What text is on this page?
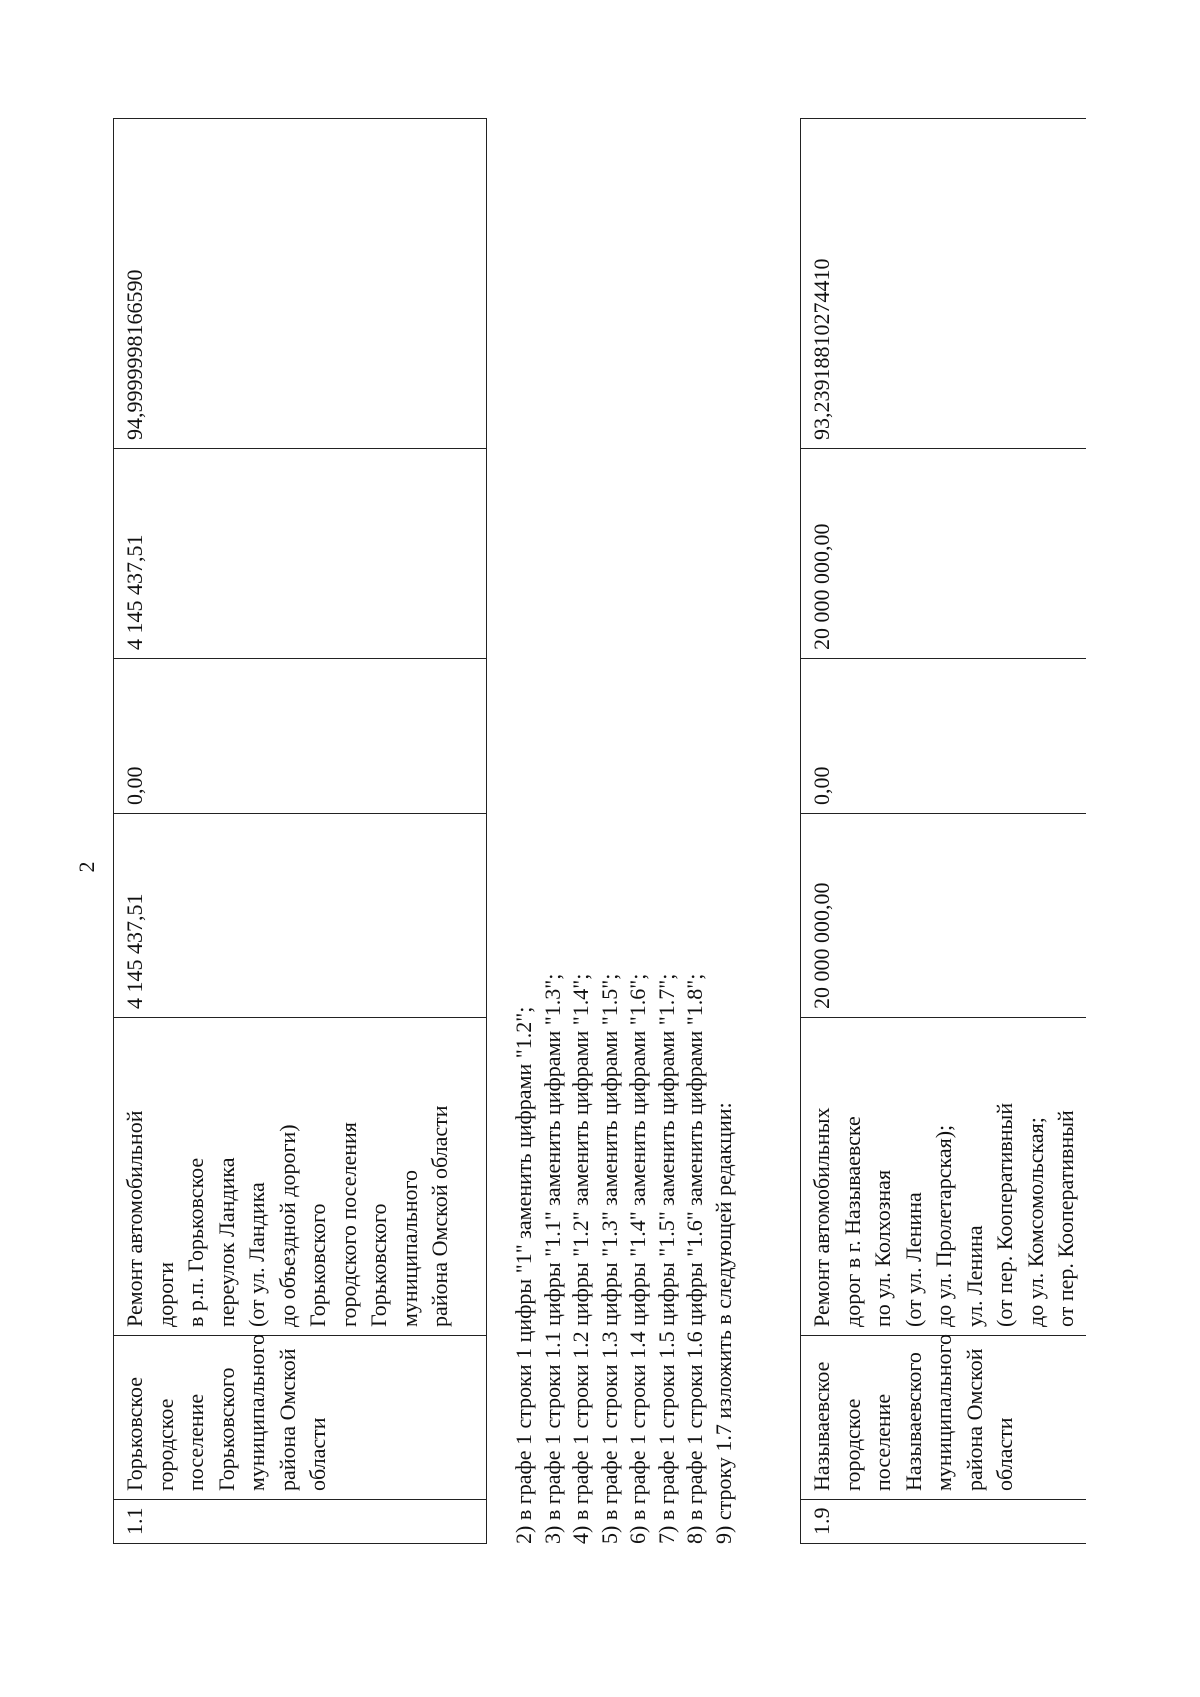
2
1.1

Горьковское городское поселение Горьковского муниципального района Омской области

Ремонт автомобильной дороги в р.п. Горьковское переулок Ландика (от ул. Ландика до объездной дороги) Горьковского городского поселения Горьковского муниципального района Омской области

4 145 437,51

0,00

4 145 437,51

94,9999998166590
2) в графе 1 строки 1 цифры "1" заменить цифрами "1.2"; 3) в графе 1 строки 1.1 цифры "1.1" заменить цифрами "1.3"; 4) в графе 1 строки 1.2 цифры "1.2" заменить цифрами "1.4"; 5) в графе 1 строки 1.3 цифры "1.3" заменить цифрами "1.5"; 6) в графе 1 строки 1.4 цифры "1.4" заменить цифрами "1.6"; 7) в графе 1 строки 1.5 цифры "1.5" заменить цифрами "1.7"; 8) в графе 1 строки 1.6 цифры "1.6" заменить цифрами "1.8"; 9) строку 1.7 изложить в следующей редакции:	1.9

Называевское городское поселение Называевского муниципального района Омской области

Ремонт автомобильных дорог в г. Называевске по ул. Колхозная (от ул. Ленина до ул. Пролетарская); ул. Ленина (от пер. Кооперативный до ул. Комсомольская; от пер. Кооперативный

20 000 000,00

0,00

20 000 000,00

93,2391881027441​0
